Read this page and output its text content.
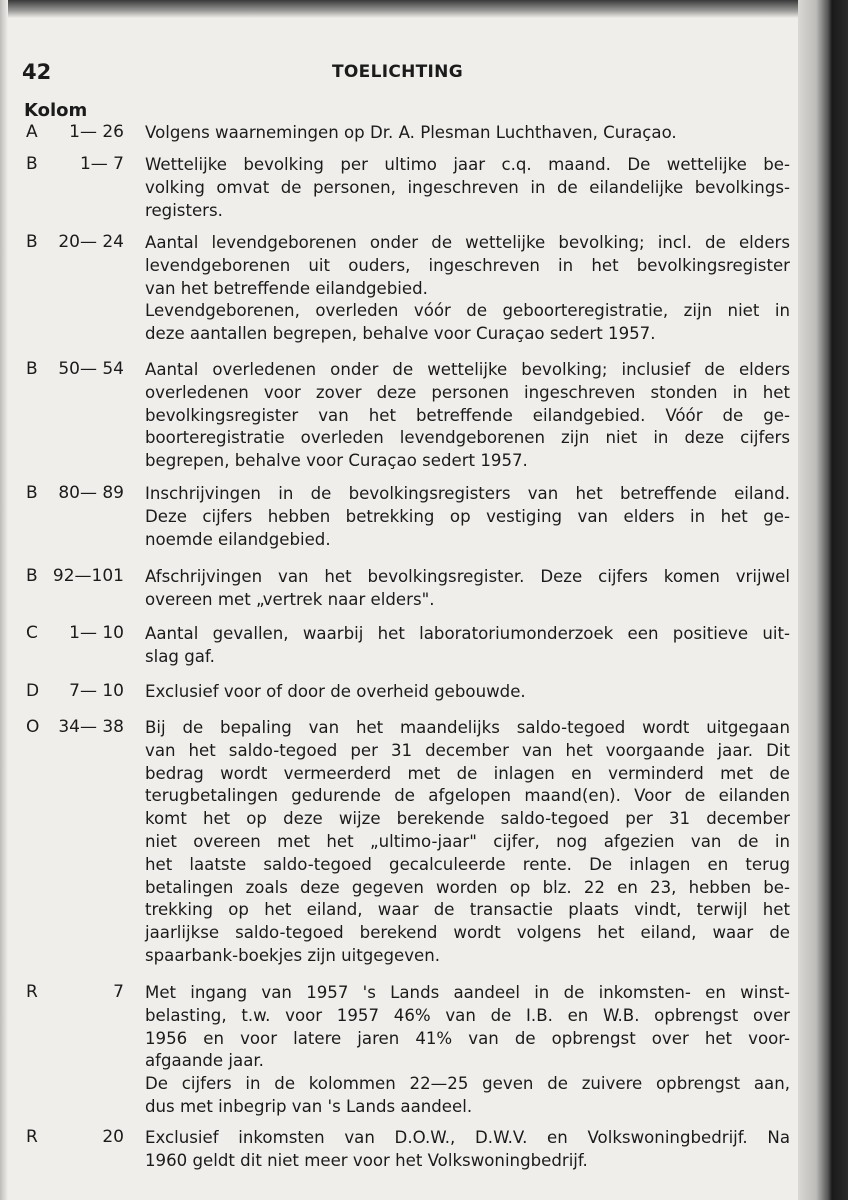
42	TOELICHTING
Kolom
A	1— 26 Volgens waarnemingen op Dr. A. Plesman Luchthaven, Curaçao.
B	1— 7 Wettelijke bevolking per ultimo jaar c.q. maand. De wettelijke be-
volking omvat de personen, ingeschreven in de eilandelijke bevolkings-
registers.
B	20— 24 Aantal levendgeborenen onder de wettelijke bevolking; incl. de elders
levendgeborenen uit ouders, ingeschreven in het bevolkingsregister
van het betreffende eilandgebied.
Levendgeborenen, overleden vóór de geboorteregistratie, zijn niet in
deze aantallen begrepen, behalve voor Curaçao sedert 1957.
B	50— 54 Aantal overledenen onder de wettelijke bevolking; inclusief de elders
overledenen voor zover deze personen ingeschreven stonden in het
bevolkingsregister van het betreffende eilandgebied. Vóór de ge-
boorteregistratie overleden levendgeborenen zijn niet in deze cijfers
begrepen, behalve voor Curaçao sedert 1957.
B	80— 89 Inschrijvingen in de bevolkingsregisters van het betreffende eiland.
Deze cijfers hebben betrekking op vestiging van elders in het ge-
noemde eilandgebied.
B 92—101 Afschrijvingen van het bevolkingsregister. Deze cijfers komen vrijwel
overeen met „vertrek naar elders".
C	1— 10 Aantal gevallen, waarbij het laboratoriumonderzoek een positieve uit-
slag gaf.
D	7— 10 Exclusief voor of door de overheid gebouwde.
O	34— 38 Bij de bepaling van het maandelijks saldo-tegoed wordt uitgegaan
van het saldo-tegoed per 31 december van het voorgaande jaar. Dit
bedrag wordt vermeerderd met de inlagen en verminderd met de
terugbetalingen gedurende de afgelopen maand(en). Voor de eilanden
komt het op deze wijze berekende saldo-tegoed per 31 december
niet overeen met het „ultimo-jaar" cijfer, nog afgezien van de in
het laatste saldo-tegoed gecalculeerde rente. De inlagen en terug
betalingen zoals deze gegeven worden op blz. 22 en 23, hebben be-
trekking op het eiland, waar de transactie plaats vindt, terwijl het
jaarlijkse saldo-tegoed berekend wordt volgens het eiland, waar de
spaarbank-boekjes zijn uitgegeven.
R	7 Met ingang van 1957 's Lands aandeel in de inkomsten- en winst-
belasting, t.w. voor 1957 46% van de I.B. en W.B. opbrengst over
1956 en voor latere jaren 41% van de opbrengst over het voor-
afgaande jaar.
De cijfers in de kolommen 22—25 geven de zuivere opbrengst aan,
dus met inbegrip van 's Lands aandeel.
R	20 Exclusief inkomsten van D.O.W., D.W.V. en Volkswoningbedrijf. Na
1960 geldt dit niet meer voor het Volkswoningbedrijf.
